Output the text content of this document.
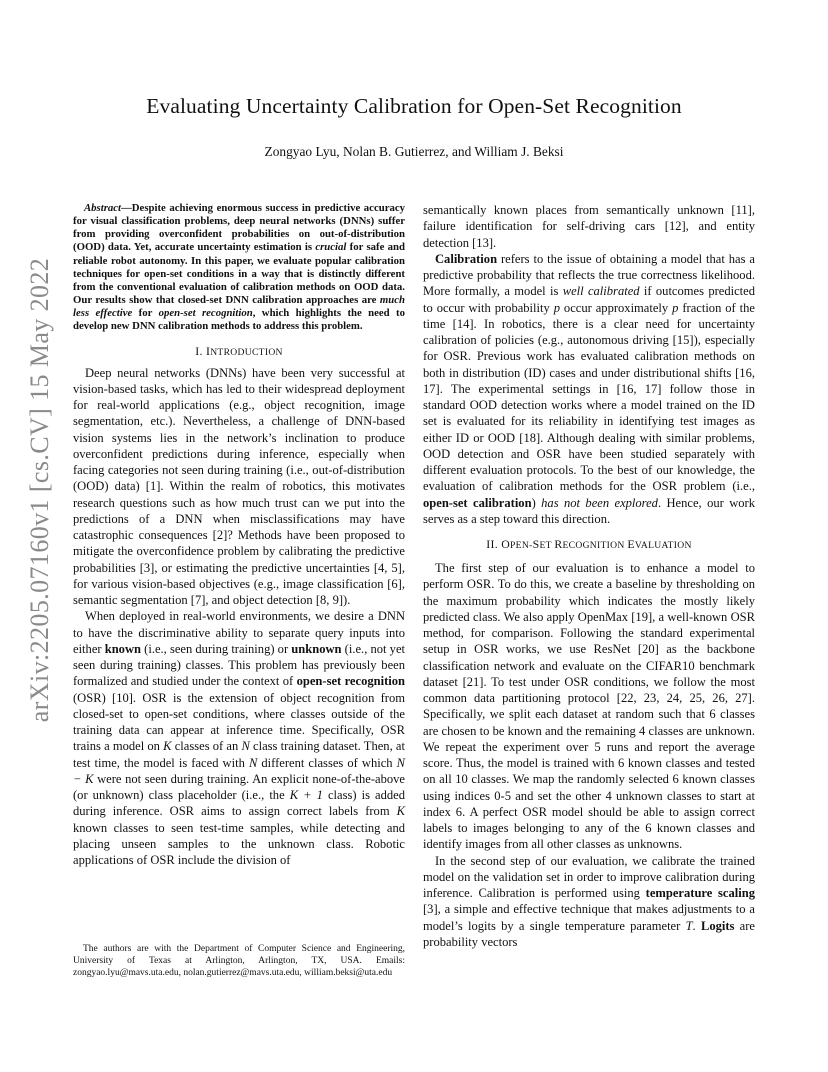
arXiv:2205.07160v1 [cs.CV] 15 May 2022
Evaluating Uncertainty Calibration for Open-Set Recognition
Zongyao Lyu, Nolan B. Gutierrez, and William J. Beksi

Abstract—Despite achieving enormous success in predictive accuracy for visual classification problems, deep neural networks (DNNs) suffer from providing overconfident probabilities on out-of-distribution (OOD) data. Yet, accurate uncertainty estimation is crucial for safe and reliable robot autonomy. In this paper, we evaluate popular calibration techniques for open-set conditions in a way that is distinctly different from the conventional evaluation of calibration methods on OOD data. Our results show that closed-set DNN calibration approaches are much less effective for open-set recognition, which highlights the need to develop new DNN calibration methods to address this problem.

I. INTRODUCTION

Deep neural networks (DNNs) have been very successful at vision-based tasks, which has led to their widespread deployment for real-world applications (e.g., object recognition, image segmentation, etc.). Nevertheless, a challenge of DNN-based vision systems lies in the network’s inclination to produce overconfident predictions during inference, especially when facing categories not seen during training (i.e., out-of-distribution (OOD) data) [1]. Within the realm of robotics, this motivates research questions such as how much trust can we put into the predictions of a DNN when misclassifications may have catastrophic consequences [2]? Methods have been proposed to mitigate the overconfidence problem by calibrating the predictive probabilities [3], or estimating the predictive uncertainties [4, 5], for various vision-based objectives (e.g., image classification [6], semantic segmentation [7], and object detection [8, 9]).

When deployed in real-world environments, we desire a DNN to have the discriminative ability to separate query inputs into either known (i.e., seen during training) or unknown (i.e., not yet seen during training) classes. This problem has previously been formalized and studied under the context of open-set recognition (OSR) [10]. OSR is the extension of object recognition from closed-set to open-set conditions, where classes outside of the training data can appear at inference time. Specifically, OSR trains a model on K classes of an N class training dataset. Then, at test time, the model is faced with N different classes of which N − K were not seen during training. An explicit none-of-the-above (or unknown) class placeholder (i.e., the K + 1 class) is added during inference. OSR aims to assign correct labels from K known classes to seen test-time samples, while detecting and placing unseen samples to the unknown class. Robotic applications of OSR include the division of

semantically known places from semantically unknown [11], failure identification for self-driving cars [12], and entity detection [13].

Calibration refers to the issue of obtaining a model that has a predictive probability that reflects the true correctness likelihood. More formally, a model is well calibrated if outcomes predicted to occur with probability p occur approximately p fraction of the time [14]. In robotics, there is a clear need for uncertainty calibration of policies (e.g., autonomous driving [15]), especially for OSR. Previous work has evaluated calibration methods on both in distribution (ID) cases and under distributional shifts [16, 17]. The experimental settings in [16, 17] follow those in standard OOD detection works where a model trained on the ID set is evaluated for its reliability in identifying test images as either ID or OOD [18]. Although dealing with similar problems, OOD detection and OSR have been studied separately with different evaluation protocols. To the best of our knowledge, the evaluation of calibration methods for the OSR problem (i.e., open-set calibration) has not been explored. Hence, our work serves as a step toward this direction.

II. OPEN-SET RECOGNITION EVALUATION

The first step of our evaluation is to enhance a model to perform OSR. To do this, we create a baseline by thresholding on the maximum probability which indicates the mostly likely predicted class. We also apply OpenMax [19], a well-known OSR method, for comparison. Following the standard experimental setup in OSR works, we use ResNet [20] as the backbone classification network and evaluate on the CIFAR10 benchmark dataset [21]. To test under OSR conditions, we follow the most common data partitioning protocol [22, 23, 24, 25, 26, 27]. Specifically, we split each dataset at random such that 6 classes are chosen to be known and the remaining 4 classes are unknown. We repeat the experiment over 5 runs and report the average score. Thus, the model is trained with 6 known classes and tested on all 10 classes. We map the randomly selected 6 known classes using indices 0-5 and set the other 4 unknown classes to start at index 6. A perfect OSR model should be able to assign correct labels to images belonging to any of the 6 known classes and identify images from all other classes as unknowns.

In the second step of our evaluation, we calibrate the trained model on the validation set in order to improve calibration during inference. Calibration is performed using temperature scaling [3], a simple and effective technique that makes adjustments to a model’s logits by a single temperature parameter T. Logits are probability vectors

The authors are with the Department of Computer Science and Engineering, University of Texas at Arlington, Arlington, TX, USA. Emails: zongyao.lyu@mavs.uta.edu, nolan.gutierrez@mavs.uta.edu, william.beksi@uta.edu
